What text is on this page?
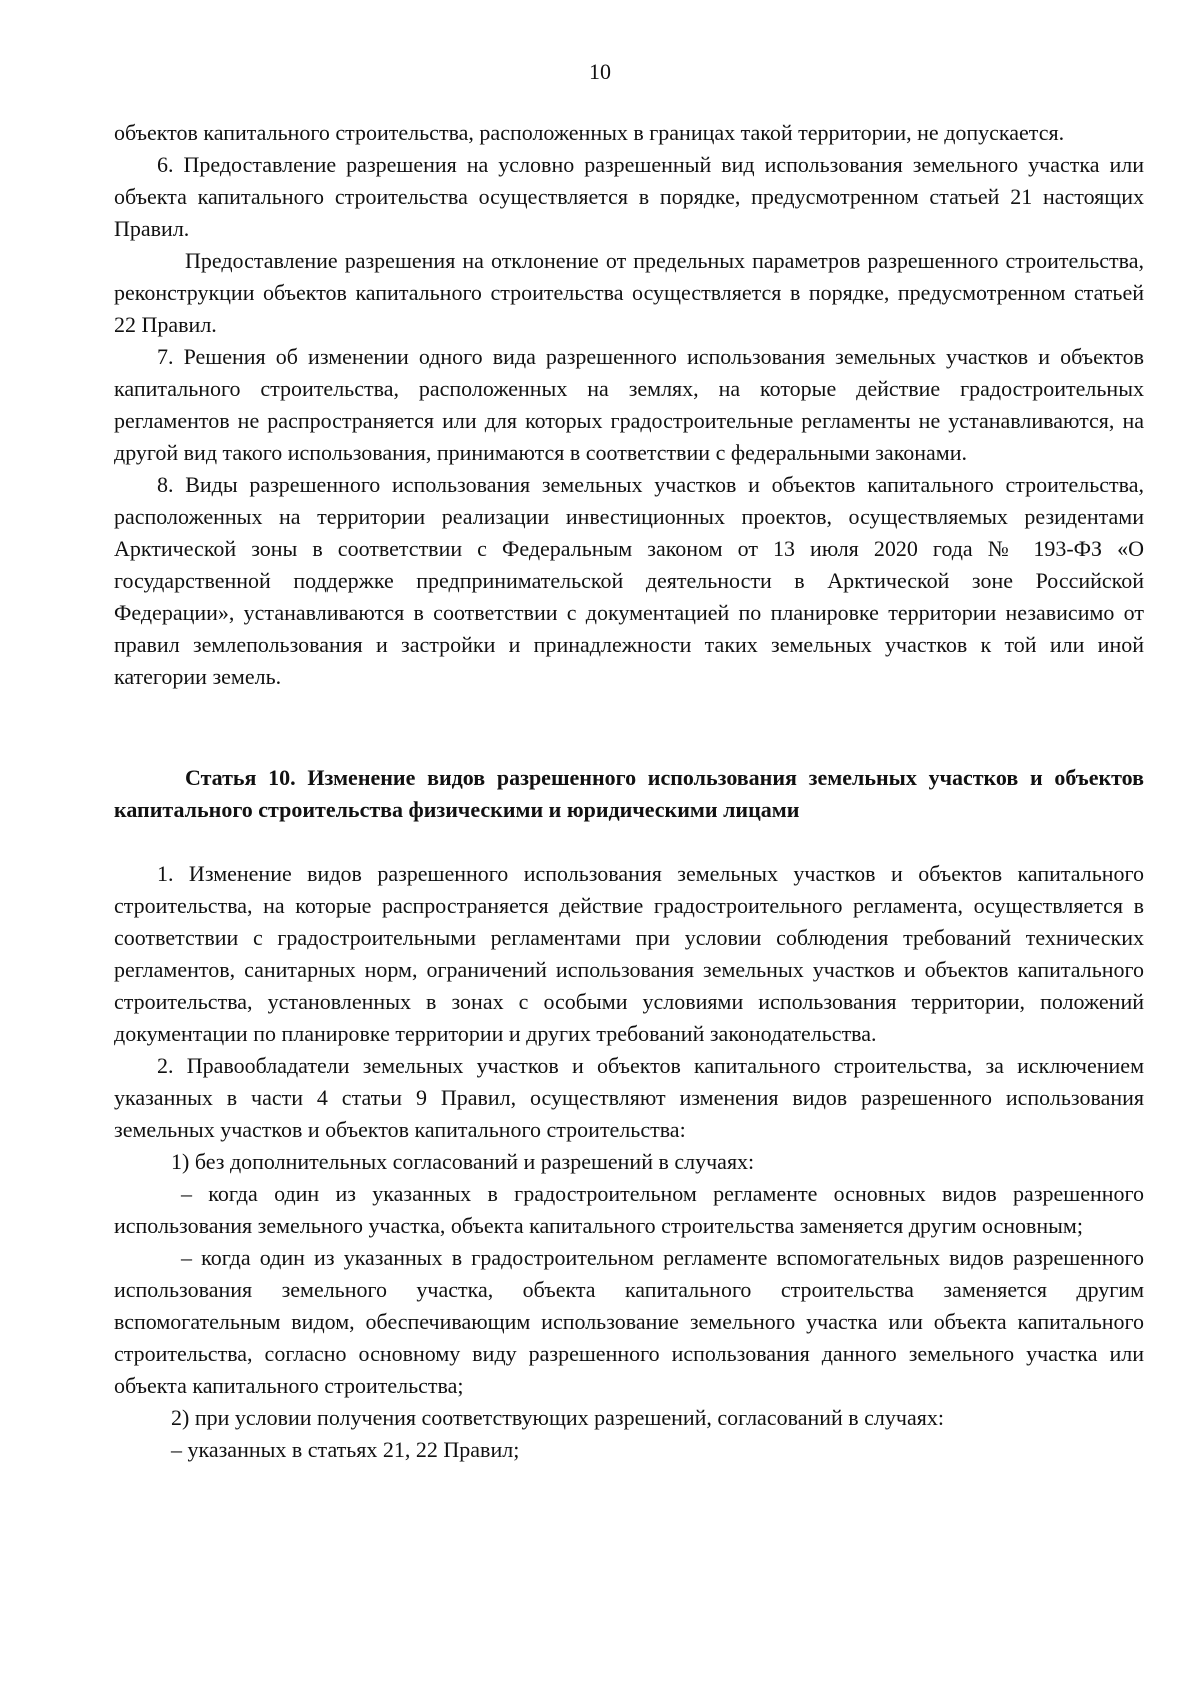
10

объектов капитального строительства, расположенных в границах такой территории, не допускается.

6. Предоставление разрешения на условно разрешенный вид использования земельного участка или объекта капитального строительства осуществляется в порядке, предусмотренном статьей 21 настоящих Правил.

Предоставление разрешения на отклонение от предельных параметров разрешенного строительства, реконструкции объектов капитального строительства осуществляется в порядке, предусмотренном статьей 22 Правил.

7. Решения об изменении одного вида разрешенного использования земельных участков и объектов капитального строительства, расположенных на землях, на которые действие градостроительных регламентов не распространяется или для которых градостроительные регламенты не устанавливаются, на другой вид такого использования, принимаются в соответствии с федеральными законами.

8. Виды разрешенного использования земельных участков и объектов капитального строительства, расположенных на территории реализации инвестиционных проектов, осуществляемых резидентами Арктической зоны в соответствии с Федеральным законом от 13 июля 2020 года № 193-ФЗ «О государственной поддержке предпринимательской деятельности в Арктической зоне Российской Федерации», устанавливаются в соответствии с документацией по планировке территории независимо от правил землепользования и застройки и принадлежности таких земельных участков к той или иной категории земель.

Статья 10. Изменение видов разрешенного использования земельных участков и объектов капитального строительства физическими и юридическими лицами

1. Изменение видов разрешенного использования земельных участков и объектов капитального строительства, на которые распространяется действие градостроительного регламента, осуществляется в соответствии с градостроительными регламентами при условии соблюдения требований технических регламентов, санитарных норм, ограничений использования земельных участков и объектов капитального строительства, установленных в зонах с особыми условиями использования территории, положений документации по планировке территории и других требований законодательства.

2. Правообладатели земельных участков и объектов капитального строительства, за исключением указанных в части 4 статьи 9 Правил, осуществляют изменения видов разрешенного использования земельных участков и объектов капитального строительства:

1) без дополнительных согласований и разрешений в случаях:

– когда один из указанных в градостроительном регламенте основных видов разрешенного использования земельного участка, объекта капитального строительства заменяется другим основным;

– когда один из указанных в градостроительном регламенте вспомогательных видов разрешенного использования земельного участка, объекта капитального строительства заменяется другим вспомогательным видом, обеспечивающим использование земельного участка или объекта капитального строительства, согласно основному виду разрешенного использования данного земельного участка или объекта капитального строительства;

2) при условии получения соответствующих разрешений, согласований в случаях:

– указанных в статьях 21, 22 Правил;
